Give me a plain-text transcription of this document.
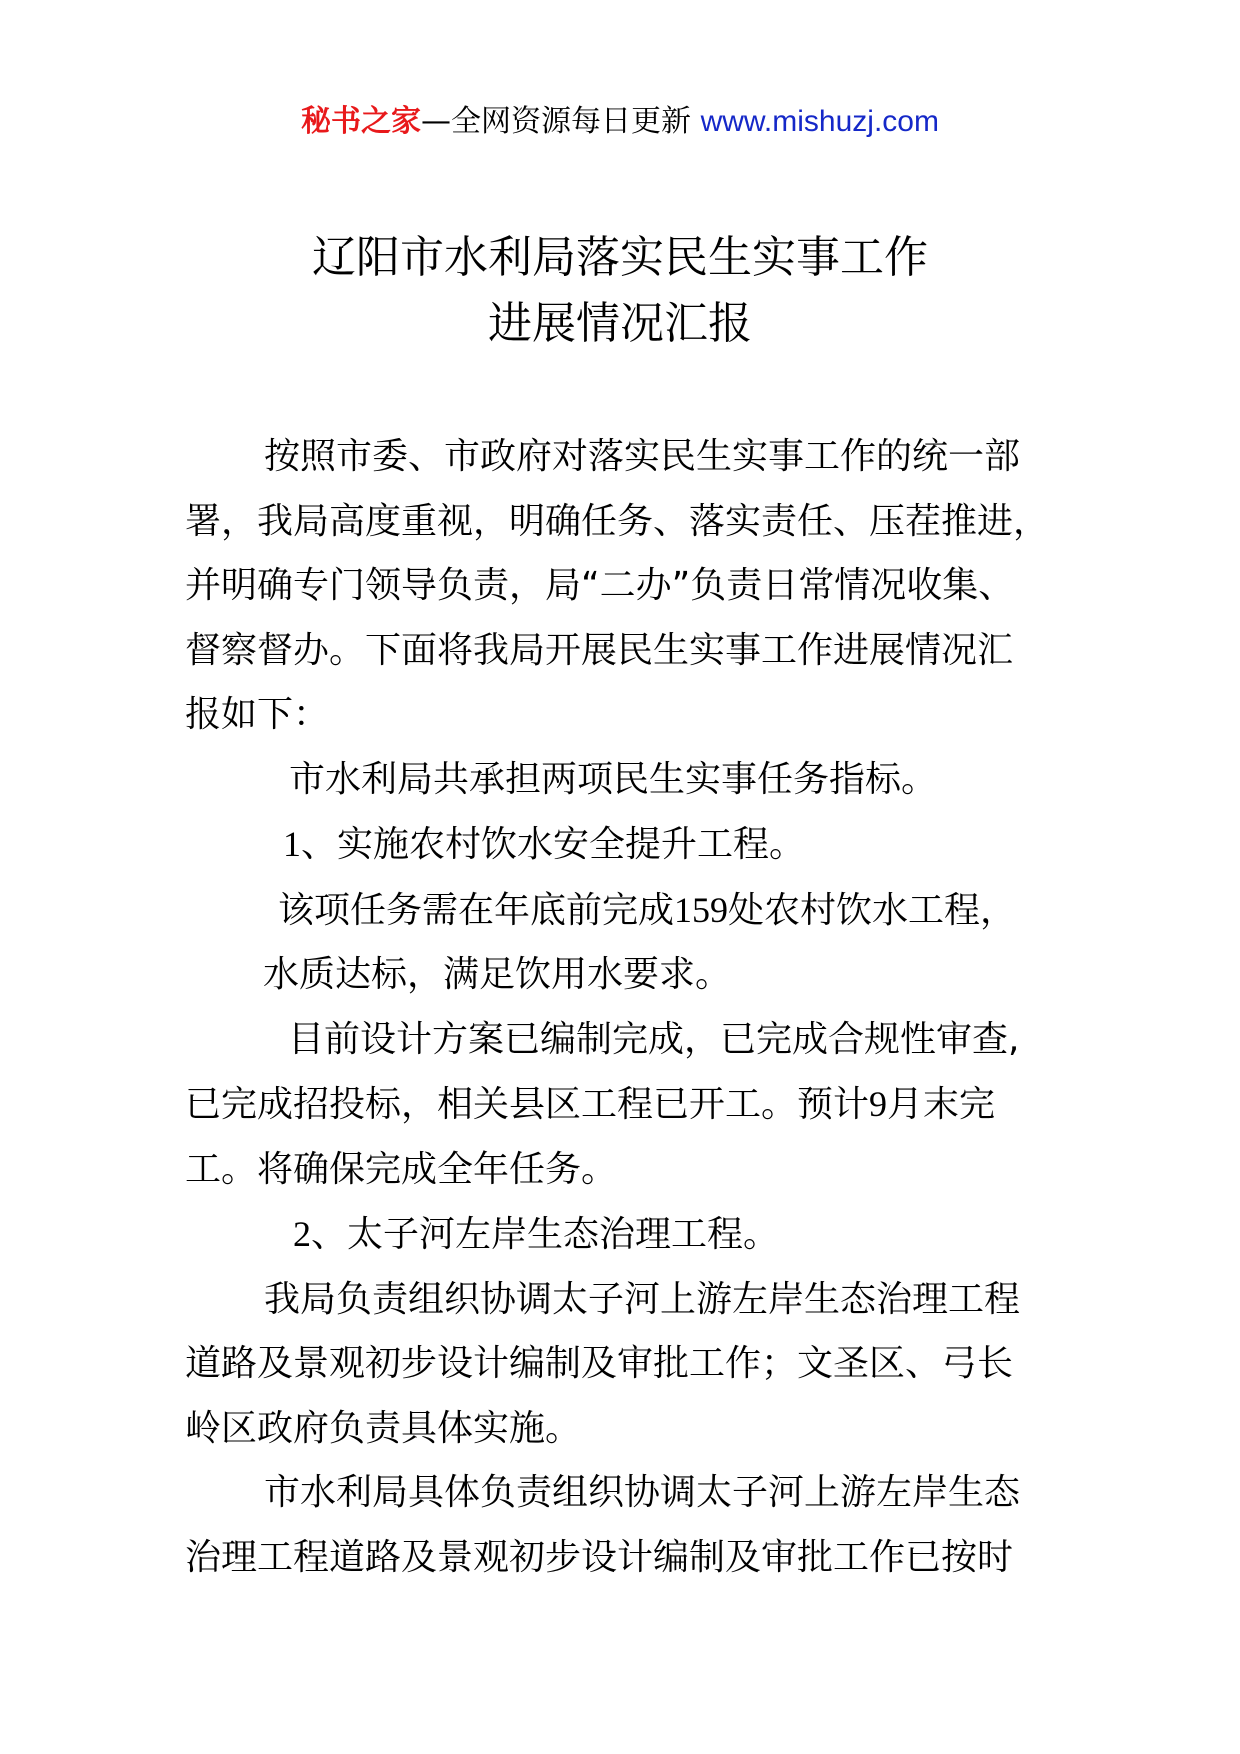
秘书之家—全网资源每日更新 www.mishuzj.com
辽阳市水利局落实民生实事工作
进展情况汇报
按照市委、市政府对落实民生实事工作的统一部
署，我局高度重视，明确任务、落实责任、压茬推进，
并明确专门领导负责，局“二办”负责日常情况收集、
督察督办。下面将我局开展民生实事工作进展情况汇
报如下：
市水利局共承担两项民生实事任务指标。
1、实施农村饮水安全提升工程。
该项任务需在年底前完成159处农村饮水工程，
水质达标，满足饮用水要求。
目前设计方案已编制完成，已完成合规性审查,
已完成招投标，相关县区工程已开工。预计9月末完
工。将确保完成全年任务。
2、太子河左岸生态治理工程。
我局负责组织协调太子河上游左岸生态治理工程
道路及景观初步设计编制及审批工作；文圣区、弓长
岭区政府负责具体实施。
市水利局具体负责组织协调太子河上游左岸生态
治理工程道路及景观初步设计编制及审批工作已按时
